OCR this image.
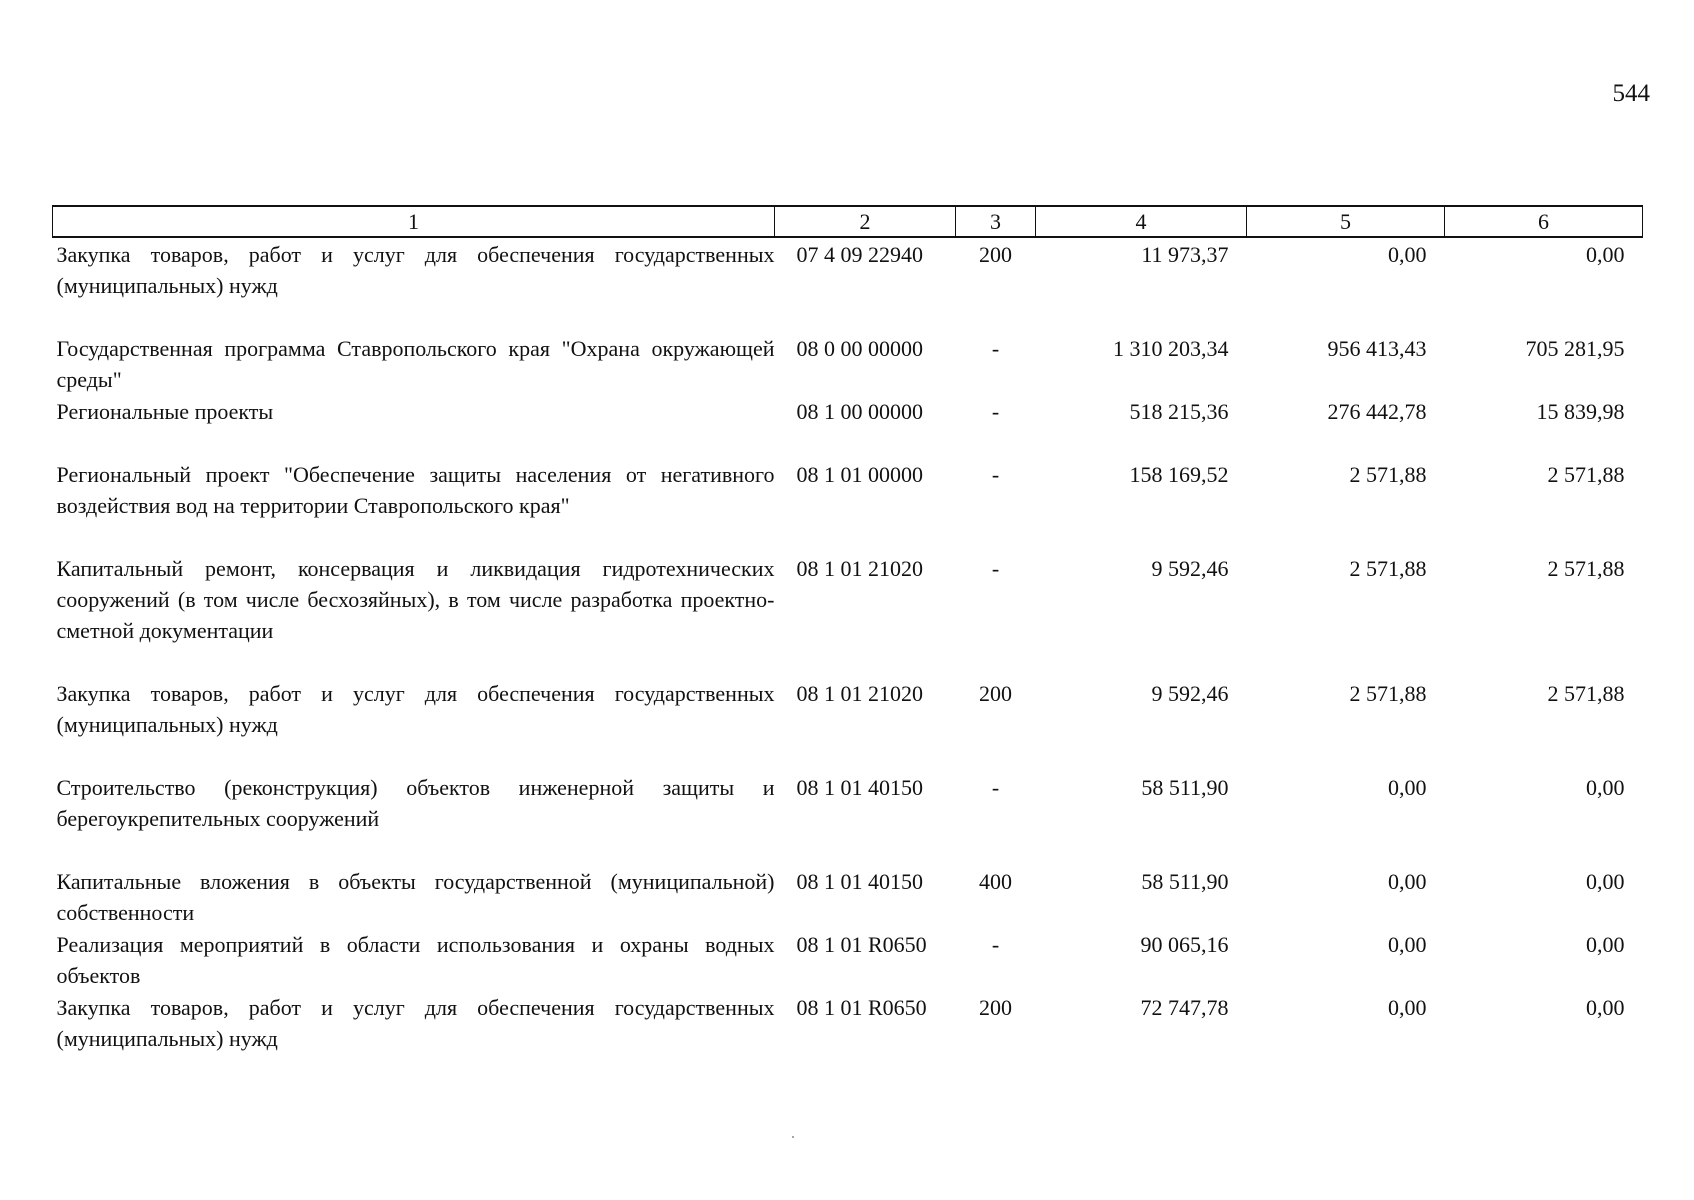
544
1	2	3	4	5	6
Закупка товаров, работ и услуг для обеспечения государственных (муниципальных) нужд	07 4 09 22940	200	11 973,37	0,00	0,00
Государственная программа Ставропольского края "Охрана окружающей среды"	08 0 00 00000	-	1 310 203,34	956 413,43	705 281,95
Региональные проекты	08 1 00 00000	-	518 215,36	276 442,78	15 839,98
Региональный проект "Обеспечение защиты населения от негативного воздействия вод на территории Ставропольского края"	08 1 01 00000	-	158 169,52	2 571,88	2 571,88
Капитальный ремонт, консервация и ликвидация гидротехнических сооружений (в том числе бесхозяйных), в том числе разработка проектно-сметной документации	08 1 01 21020	-	9 592,46	2 571,88	2 571,88
Закупка товаров, работ и услуг для обеспечения государственных (муниципальных) нужд	08 1 01 21020	200	9 592,46	2 571,88	2 571,88
Строительство (реконструкция) объектов инженерной защиты и берегоукрепительных сооружений	08 1 01 40150	-	58 511,90	0,00	0,00
Капитальные вложения в объекты государственной (муниципальной) собственности	08 1 01 40150	400	58 511,90	0,00	0,00
Реализация мероприятий в области использования и охраны водных объектов	08 1 01 R0650	-	90 065,16	0,00	0,00
Закупка товаров, работ и услуг для обеспечения государственных (муниципальных) нужд	08 1 01 R0650	200	72 747,78	0,00	0,00
